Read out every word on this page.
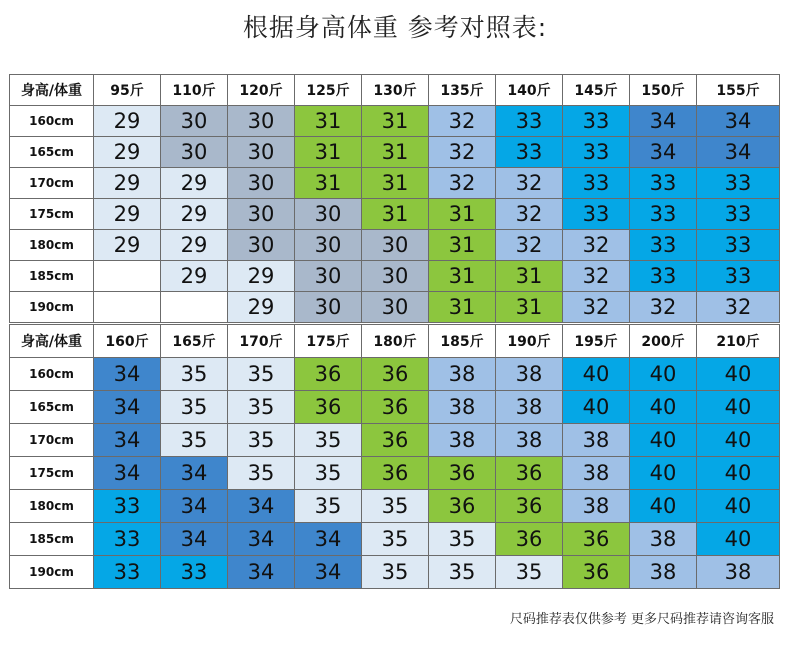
根据身高体重 参考对照表:
身高/体重	95斤	110斤	120斤	125斤	130斤	135斤	140斤	145斤	150斤	155斤
160cm	29	30	30	31	31	32	33	33	34	34
165cm	29	30	30	31	31	32	33	33	34	34
170cm	29	29	30	31	31	32	32	33	33	33
175cm	29	29	30	30	31	31	32	33	33	33
180cm	29	29	30	30	30	31	32	32	33	33
185cm		29	29	30	30	31	31	32	33	33
190cm			29	30	30	31	31	32	32	32
身高/体重	160斤	165斤	170斤	175斤	180斤	185斤	190斤	195斤	200斤	210斤
160cm	34	35	35	36	36	38	38	40	40	40
165cm	34	35	35	36	36	38	38	40	40	40
170cm	34	35	35	35	36	38	38	38	40	40
175cm	34	34	35	35	36	36	36	38	40	40
180cm	33	34	34	35	35	36	36	38	40	40
185cm	33	34	34	34	35	35	36	36	38	40
190cm	33	33	34	34	35	35	35	36	38	38
尺码推荐表仅供参考 更多尺码推荐请咨询客服
